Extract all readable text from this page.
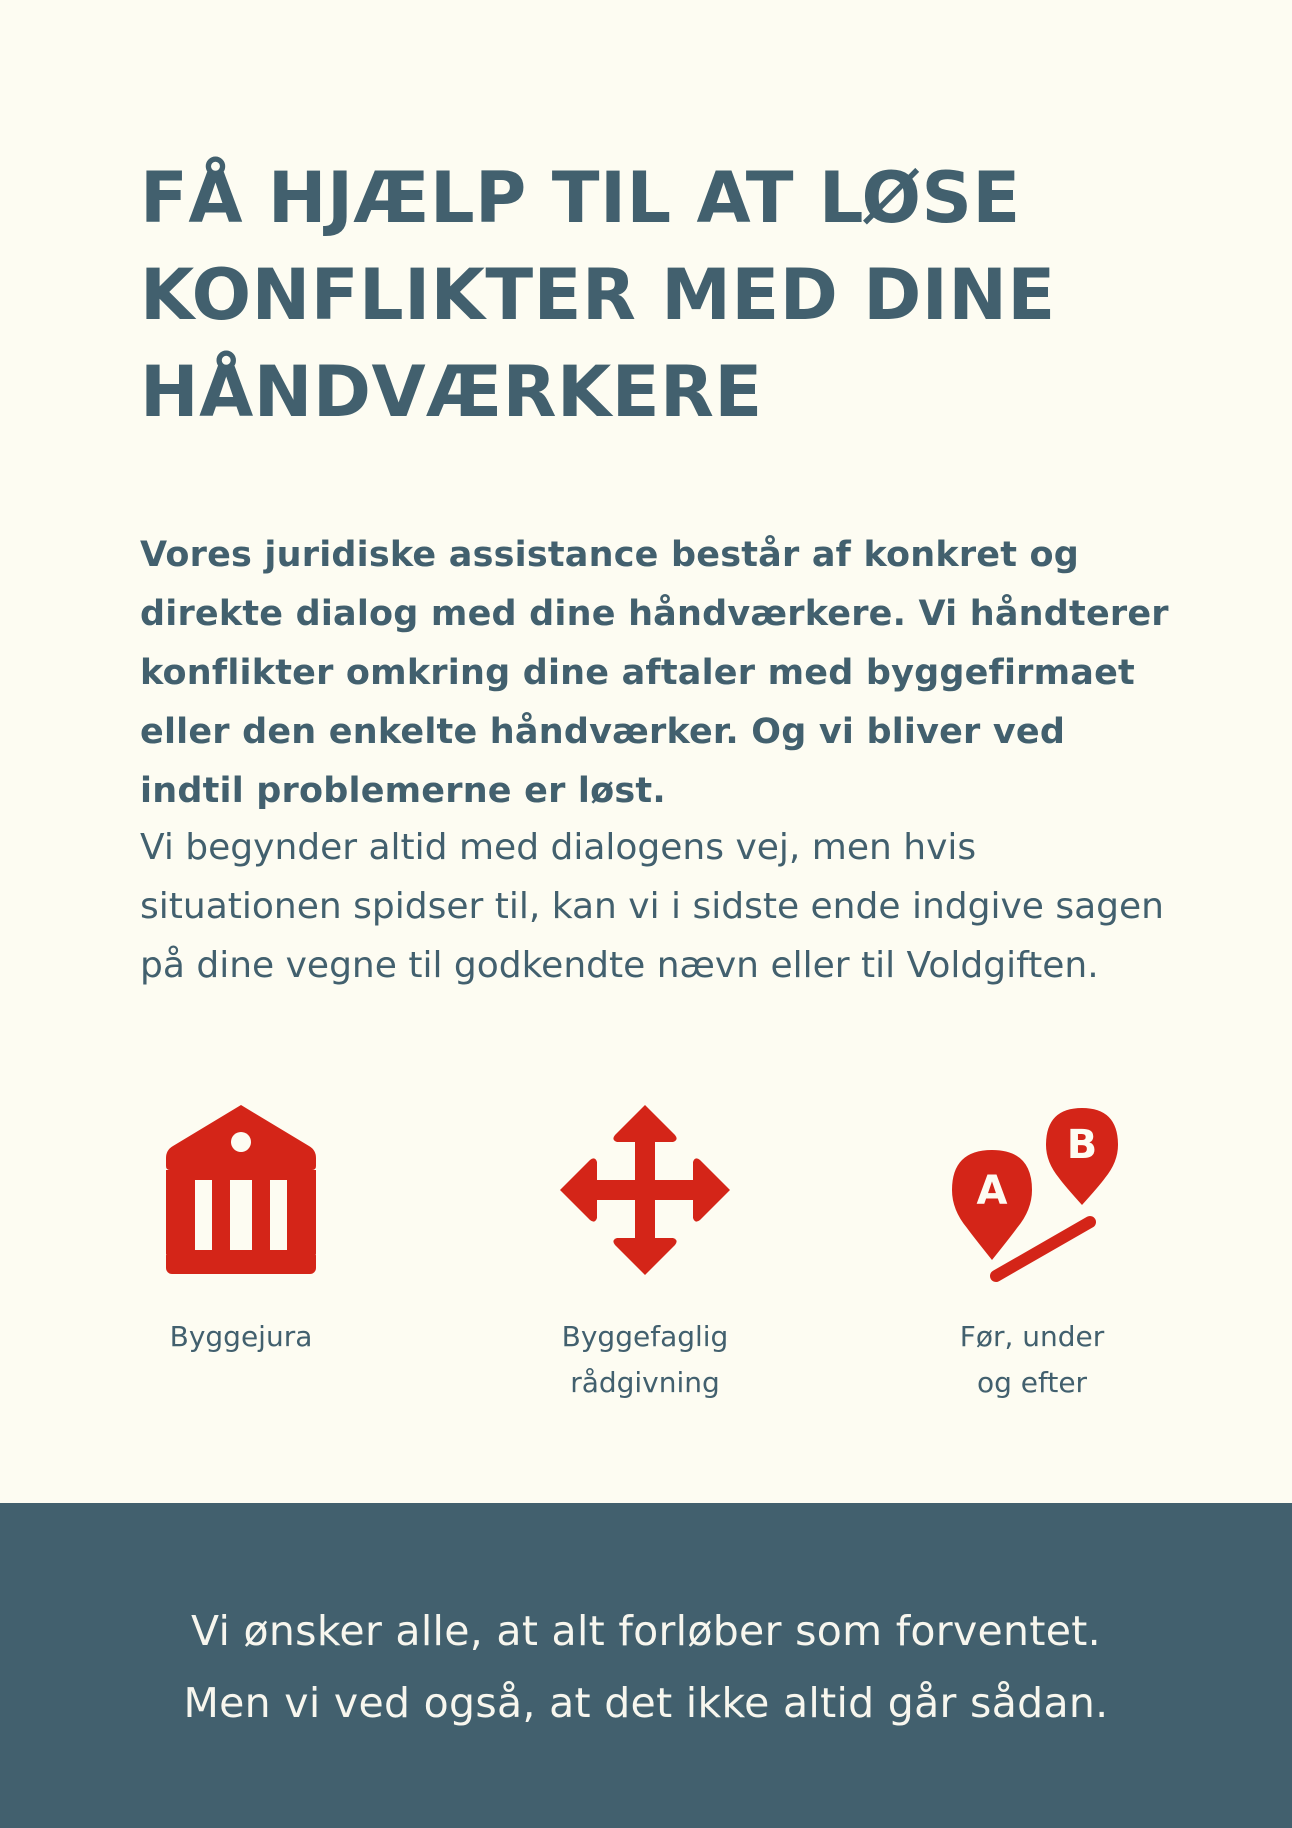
FÅ HJÆLP TIL AT LØSE KONFLIKTER MED DINE HÅNDVÆRKERE

Vores juridiske assistance består af konkret og direkte dialog med dine håndværkere. Vi håndterer konflikter omkring dine aftaler med byggefirmaet eller den enkelte håndværker. Og vi bliver ved indtil problemerne er løst.

Vi begynder altid med dialogens vej, men hvis situationen spidser til, kan vi i sidste ende indgive sagen på dine vegne til godkendte nævn eller til Voldgiften.

Byggejura	Byggefaglig
rådgivning
A
B
Før, under
og efter
Vi ønsker alle, at alt forløber som forventet.
Men vi ved også, at det ikke altid går sådan.
